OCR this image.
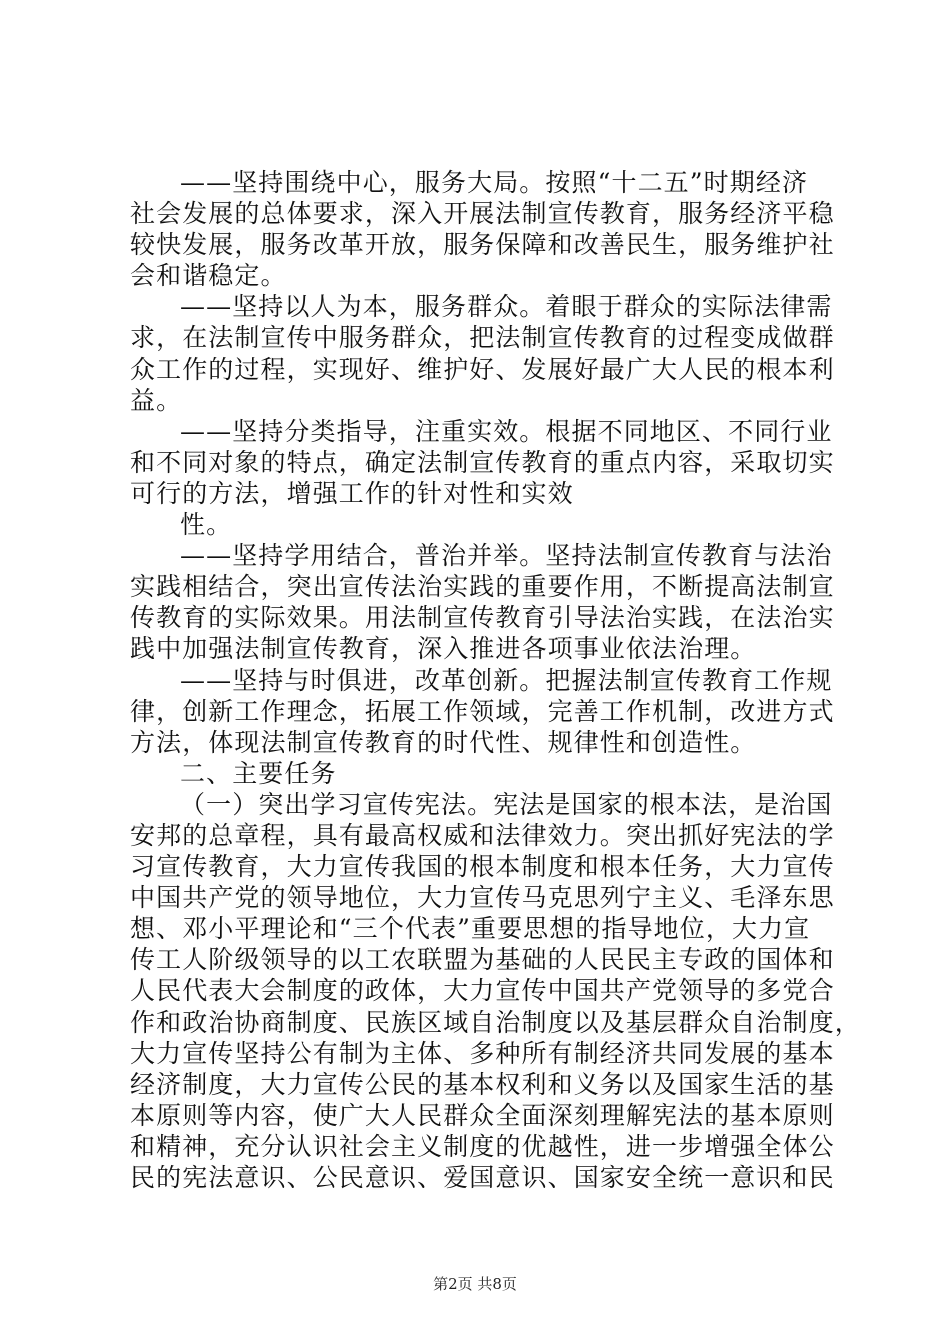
——坚持围绕中心，服务大局。按照“十二五”时期经济
社会发展的总体要求，深入开展法制宣传教育，服务经济平稳
较快发展，服务改革开放，服务保障和改善民生，服务维护社
会和谐稳定。
——坚持以人为本，服务群众。着眼于群众的实际法律需
求，在法制宣传中服务群众，把法制宣传教育的过程变成做群
众工作的过程，实现好、维护好、发展好最广大人民的根本利
益。
——坚持分类指导，注重实效。根据不同地区、不同行业
和不同对象的特点，确定法制宣传教育的重点内容，采取切实
可行的方法，增强工作的针对性和实效
性。
——坚持学用结合，普治并举。坚持法制宣传教育与法治
实践相结合，突出宣传法治实践的重要作用，不断提高法制宣
传教育的实际效果。用法制宣传教育引导法治实践，在法治实
践中加强法制宣传教育，深入推进各项事业依法治理。
——坚持与时俱进，改革创新。把握法制宣传教育工作规
律，创新工作理念，拓展工作领域，完善工作机制，改进方式
方法，体现法制宣传教育的时代性、规律性和创造性。
二、主要任务
（一）突出学习宣传宪法。宪法是国家的根本法，是治国
安邦的总章程，具有最高权威和法律效力。突出抓好宪法的学
习宣传教育，大力宣传我国的根本制度和根本任务，大力宣传
中国共产党的领导地位，大力宣传马克思列宁主义、毛泽东思
想、邓小平理论和“三个代表”重要思想的指导地位，大力宣
传工人阶级领导的以工农联盟为基础的人民民主专政的国体和
人民代表大会制度的政体，大力宣传中国共产党领导的多党合
作和政治协商制度、民族区域自治制度以及基层群众自治制度，
大力宣传坚持公有制为主体、多种所有制经济共同发展的基本
经济制度，大力宣传公民的基本权利和义务以及国家生活的基
本原则等内容，使广大人民群众全面深刻理解宪法的基本原则
和精神，充分认识社会主义制度的优越性，进一步增强全体公
民的宪法意识、公民意识、爱国意识、国家安全统一意识和民
第2页 共8页
